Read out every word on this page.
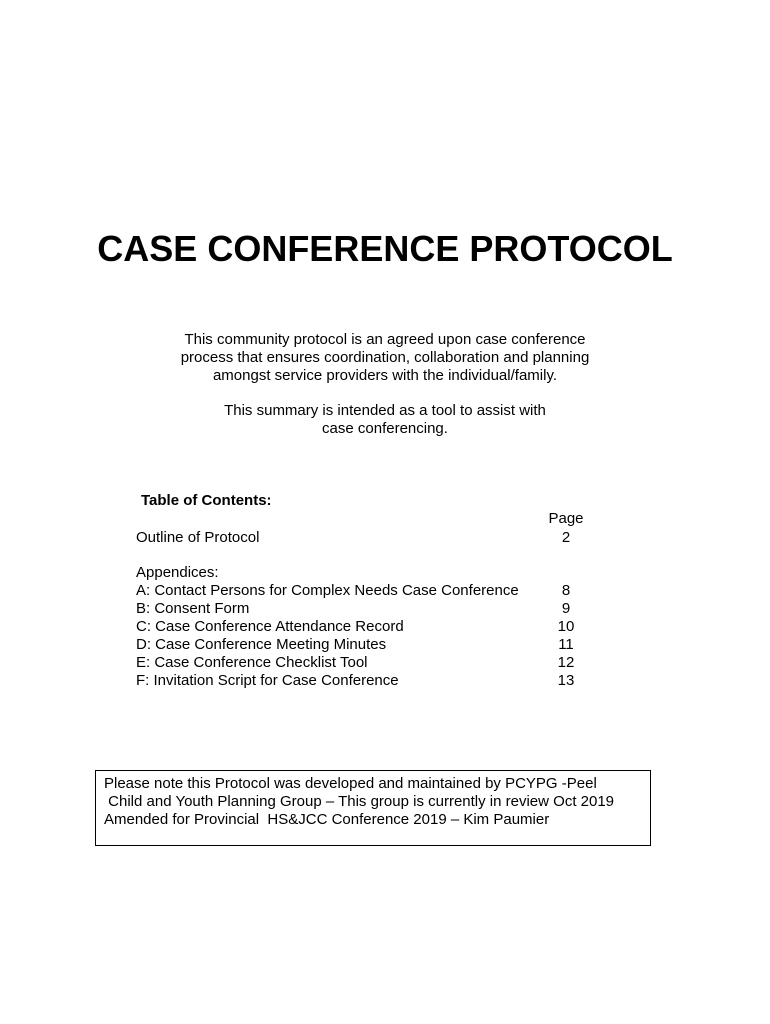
CASE CONFERENCE PROTOCOL
This community protocol is an agreed upon case conference
process that ensures coordination, collaboration and planning
amongst service providers with the individual/family.
This summary is intended as a tool to assist with
case conferencing.
Table of Contents:
Page
Outline of Protocol	2
Appendices:
A: Contact Persons for Complex Needs Case Conference	8
B: Consent Form	9
C: Case Conference Attendance Record	10
D: Case Conference Meeting Minutes	11
E: Case Conference Checklist Tool	12
F: Invitation Script for Case Conference	13
Please note this Protocol was developed and maintained by PCYPG -Peel
Child and Youth Planning Group – This group is currently in review Oct 2019
Amended for Provincial  HS&JCC Conference 2019 – Kim Paumier
